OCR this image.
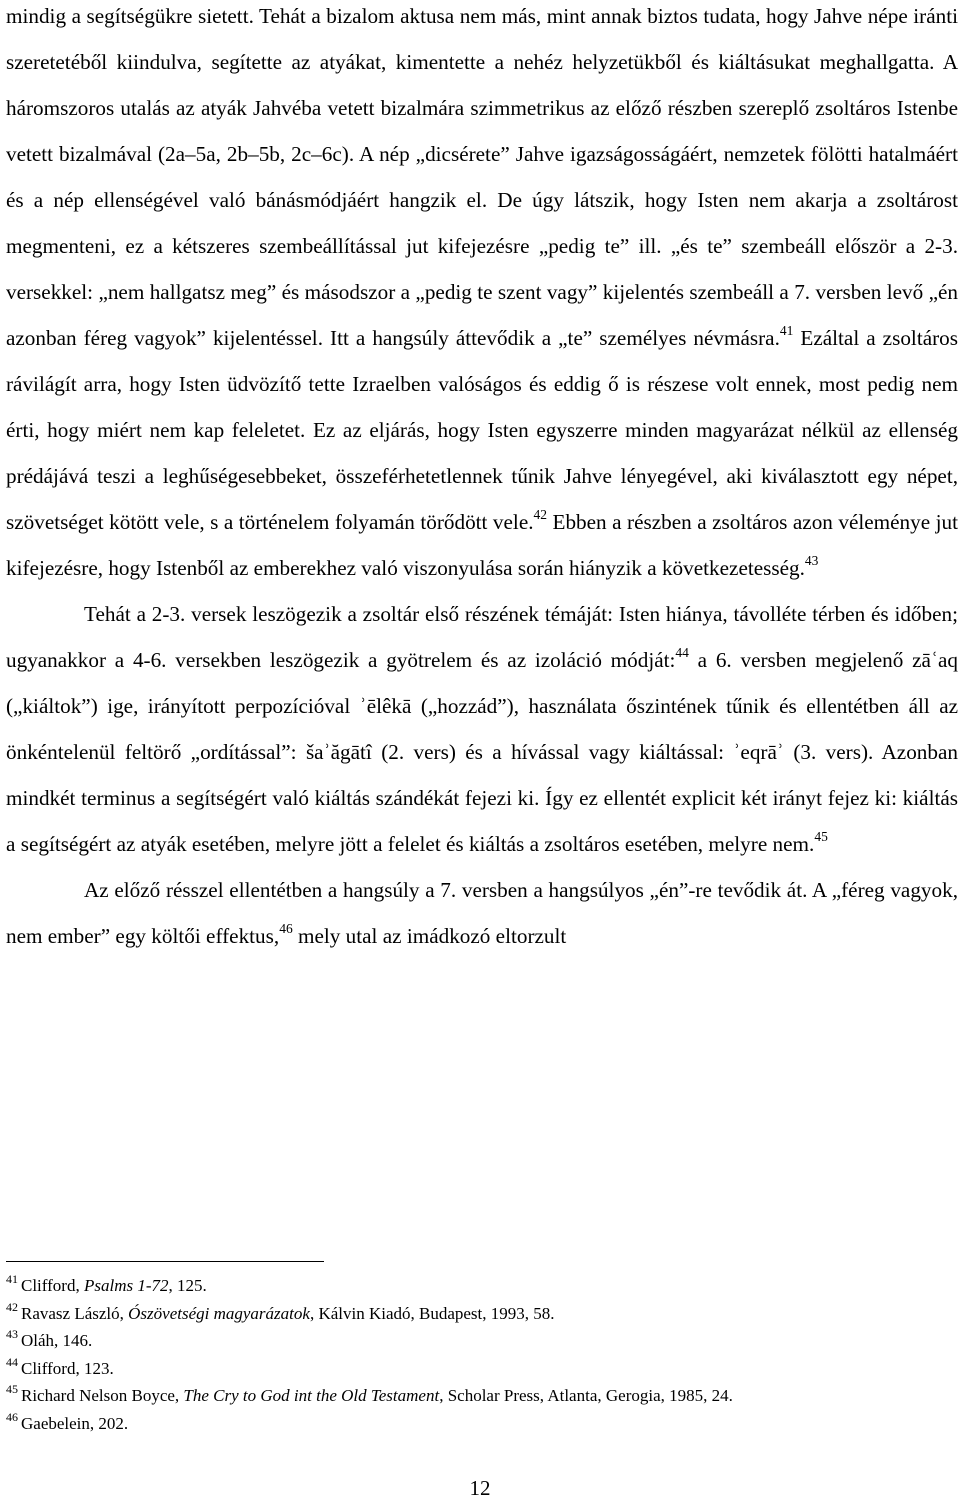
mindig a segítségükre sietett. Tehát a bizalom aktusa nem más, mint annak biztos tudata, hogy Jahve népe iránti szeretetéből kiindulva, segítette az atyákat, kimentette a nehéz helyzetükből és kiáltásukat meghallgatta. A háromszoros utalás az atyák Jahvéba vetett bizalmára szimmetrikus az előző részben szereplő zsoltáros Istenbe vetett bizalmával (2a–5a, 2b–5b, 2c–6c). A nép „dicsérete” Jahve igazságosságáért, nemzetek fölötti hatalmáért és a nép ellenségével való bánásmódjáért hangzik el. De úgy látszik, hogy Isten nem akarja a zsoltárost megmenteni, ez a kétszeres szembeállítással jut kifejezésre „pedig te” ill. „és te” szembeáll először a 2-3. versekkel: „nem hallgatsz meg” és másodszor a „pedig te szent vagy” kijelentés szembeáll a 7. versben levő „én azonban féreg vagyok” kijelentéssel. Itt a hangsúly áttevődik a „te” személyes névmásra.$^{41}$ Ezáltal a zsoltáros rávilágít arra, hogy Isten üdvözítő tette Izraelben valóságos és eddig ő is részese volt ennek, most pedig nem érti, hogy miért nem kap feleletet. Ez az eljárás, hogy Isten egyszerre minden magyarázat nélkül az ellenség prédájává teszi a leghűségesebbeket, összeférhetetlennek tűnik Jahve lényegével, aki kiválasztott egy népet, szövetséget kötött vele, s a történelem folyamán törődött vele.$^{42}$ Ebben a részben a zsoltáros azon véleménye jut kifejezésre, hogy Istenből az emberekhez való viszonyulása során hiányzik a következetesség.$^{43}$

Tehát a 2-3. versek leszögezik a zsoltár első részének témáját: Isten hiánya, távolléte térben és időben; ugyanakkor a 4-6. versekben leszögezik a gyötrelem és az izoláció módját:$^{44}$ a 6. versben megjelenő zāʿaq („kiáltok”) ige, irányított perpozícióval ʾēlêkā („hozzád”), használata őszintének tűnik és ellentétben áll az önkéntelenül feltörő „ordítással”: šaʾăgātî (2. vers) és a hívással vagy kiáltással: ʾeqrāʾ (3. vers). Azonban mindkét terminus a segítségért való kiáltás szándékát fejezi ki. Így ez ellentét explicit két irányt fejez ki: kiáltás a segítségért az atyák esetében, melyre jött a felelet és kiáltás a zsoltáros esetében, melyre nem.$^{45}$

Az előző résszel ellentétben a hangsúly a 7. versben a hangsúlyos „én”-re tevődik át. A „féreg vagyok, nem ember” egy költői effektus,$^{46}$ mely utal az imádkozó eltorzult

$^{41}$ Clifford, Psalms 1-72, 125.
$^{42}$ Ravasz László, Ószövetségi magyarázatok, Kálvin Kiadó, Budapest, 1993, 58.
$^{43}$ Oláh, 146.
$^{44}$ Clifford, 123.
$^{45}$ Richard Nelson Boyce, The Cry to God int the Old Testament, Scholar Press, Atlanta, Gerogia, 1985, 24.
$^{46}$ Gaebelein, 202.
12
